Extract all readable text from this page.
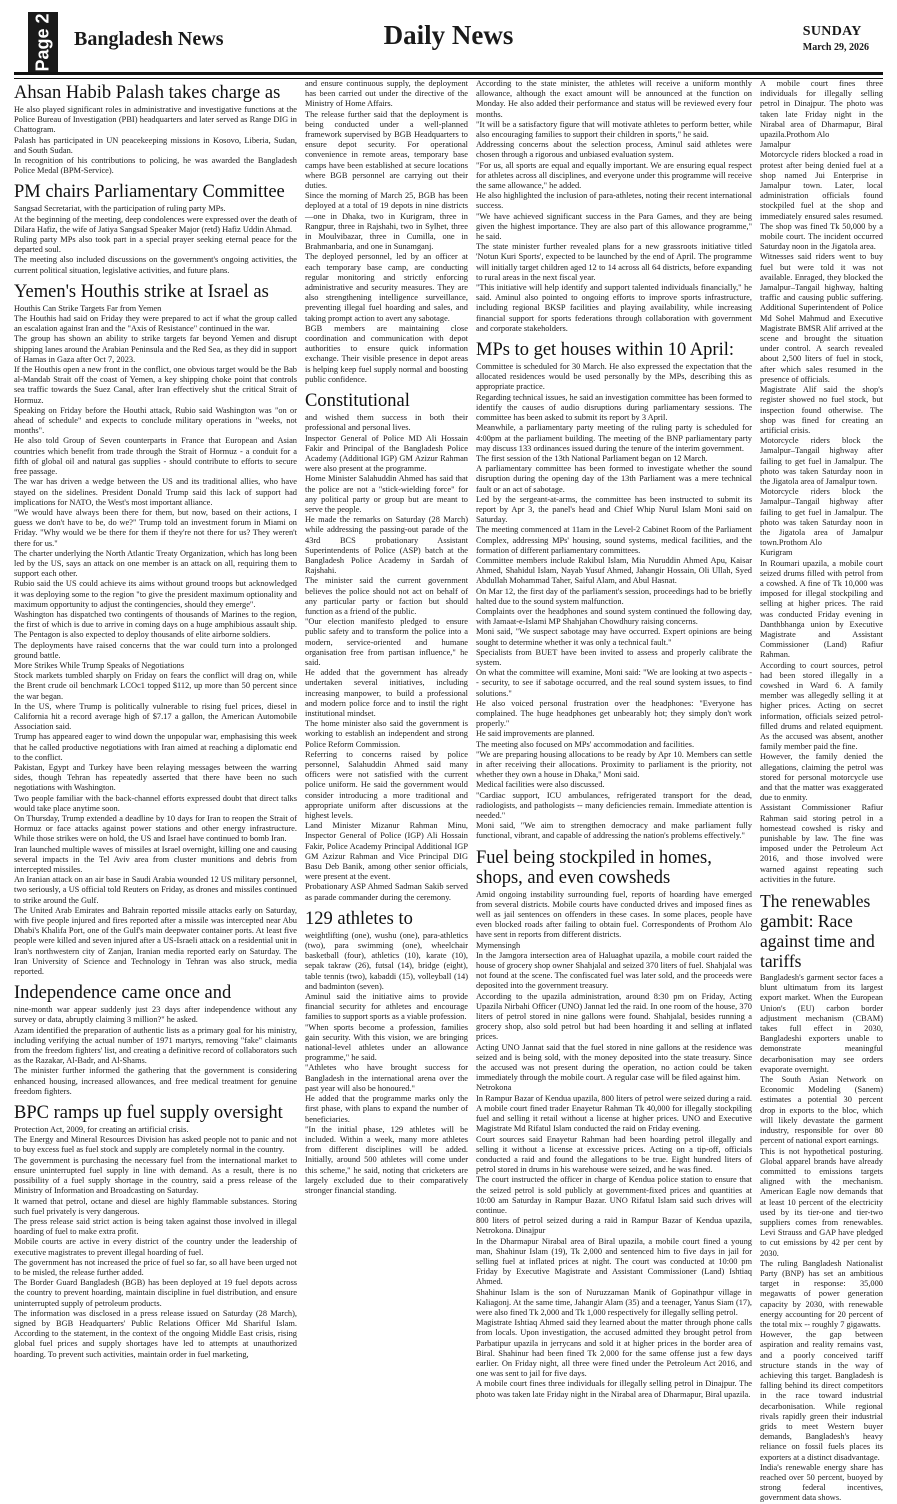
Page 2 Bangladesh News	Daily News	SUNDAY
March 29, 2026
Ahsan Habib Palash takes charge as

He also played significant roles in administrative and investigative functions at the Police Bureau of Investigation (PBI) headquarters and later served as Range DIG in Chattogram.

Palash has participated in UN peacekeeping missions in Kosovo, Liberia, Sudan, and South Sudan.

In recognition of his contributions to policing, he was awarded the Bangladesh Police Medal (BPM-Service).

PM chairs Parliamentary Committee

Sangsad Secretariat, with the participation of ruling party MPs.

At the beginning of the meeting, deep condolences were expressed over the death of Dilara Hafiz, the wife of Jatiya Sangsad Speaker Major (retd) Hafiz Uddin Ahmad.

Ruling party MPs also took part in a special prayer seeking eternal peace for the departed soul.

The meeting also included discussions on the government's ongoing activities, the current political situation, legislative activities, and future plans.

Yemen's Houthis strike at Israel as

Houthis Can Strike Targets Far from Yemen

The Houthis had said on Friday they were prepared to act if what the group called an escalation against Iran and the "Axis of Resistance" continued in the war.

The group has shown an ability to strike targets far beyond Yemen and disrupt shipping lanes around the Arabian Peninsula and the Red Sea, as they did in support of Hamas in Gaza after Oct 7, 2023.

If the Houthis open a new front in the conflict, one obvious target would be the Bab al-Mandab Strait off the coast of Yemen, a key shipping choke point that controls sea traffic towards the Suez Canal, after Iran effectively shut the critical Strait of Hormuz.

Speaking on Friday before the Houthi attack, Rubio said Washington was "on or ahead of schedule" and expects to conclude military operations in "weeks, not months".

He also told Group of Seven counterparts in France that European and Asian countries which benefit from trade through the Strait of Hormuz - a conduit for a fifth of global oil and natural gas supplies - should contribute to efforts to secure free passage.

The war has driven a wedge between the US and its traditional allies, who have stayed on the sidelines. President Donald Trump said this lack of support had implications for NATO, the West's most important alliance.

"We would have always been there for them, but now, based on their actions, I guess we don't have to be, do we?" Trump told an investment forum in Miami on Friday. "Why would we be there for them if they're not there for us? They weren't there for us."

The charter underlying the North Atlantic Treaty Organization, which has long been led by the US, says an attack on one member is an attack on all, requiring them to support each other.

Rubio said the US could achieve its aims without ground troops but acknowledged it was deploying some to the region "to give the president maximum optionality and maximum opportunity to adjust the contingencies, should they emerge".

Washington has dispatched two contingents of thousands of Marines to the region, the first of which is due to arrive in coming days on a huge amphibious assault ship. The Pentagon is also expected to deploy thousands of elite airborne soldiers.

The deployments have raised concerns that the war could turn into a prolonged ground battle.

More Strikes While Trump Speaks of Negotiations

Stock markets tumbled sharply on Friday on fears the conflict will drag on, while the Brent crude oil benchmark LCOc1 topped $112, up more than 50 percent since the war began.

In the US, where Trump is politically vulnerable to rising fuel prices, diesel in California hit a record average high of $7.17 a gallon, the American Automobile Association said.

Trump has appeared eager to wind down the unpopular war, emphasising this week that he called productive negotiations with Iran aimed at reaching a diplomatic end to the conflict.

Pakistan, Egypt and Turkey have been relaying messages between the warring sides, though Tehran has repeatedly asserted that there have been no such negotiations with Washington.

Two people familiar with the back-channel efforts expressed doubt that direct talks would take place anytime soon.

On Thursday, Trump extended a deadline by 10 days for Iran to reopen the Strait of Hormuz or face attacks against power stations and other energy infrastructure. While those strikes were on hold, the US and Israel have continued to bomb Iran.

Iran launched multiple waves of missiles at Israel overnight, killing one and causing several impacts in the Tel Aviv area from cluster munitions and debris from intercepted missiles.

An Iranian attack on an air base in Saudi Arabia wounded 12 US military personnel, two seriously, a US official told Reuters on Friday, as drones and missiles continued to strike around the Gulf.

The United Arab Emirates and Bahrain reported missile attacks early on Saturday, with five people injured and fires reported after a missile was intercepted near Abu Dhabi's Khalifa Port, one of the Gulf's main deepwater container ports. At least five people were killed and seven injured after a US-Israeli attack on a residential unit in Iran's northwestern city of Zanjan, Iranian media reported early on Saturday. The Iran University of Science and Technology in Tehran was also struck, media reported.

Independence came once and

nine-month war appear suddenly just 23 days after independence without any survey or data, abruptly claiming 3 million?" he asked.

Azam identified the preparation of authentic lists as a primary goal for his ministry, including verifying the actual number of 1971 martyrs, removing "fake" claimants from the freedom fighters' list, and creating a definitive record of collaborators such as the Razakar, Al-Badr, and Al-Shams.

The minister further informed the gathering that the government is considering enhanced housing, increased allowances, and free medical treatment for genuine freedom fighters.

BPC ramps up fuel supply oversight

Protection Act, 2009, for creating an artificial crisis.

The Energy and Mineral Resources Division has asked people not to panic and not to buy excess fuel as fuel stock and supply are completely normal in the country.

The government is purchasing the necessary fuel from the international market to ensure uninterrupted fuel supply in line with demand. As a result, there is no possibility of a fuel supply shortage in the country, said a press release of the Ministry of Information and Broadcasting on Saturday.

It warned that petrol, octane and diesel are highly flammable substances. Storing such fuel privately is very dangerous.

The press release said strict action is being taken against those involved in illegal hoarding of fuel to make extra profit.

Mobile courts are active in every district of the country under the leadership of executive magistrates to prevent illegal hoarding of fuel.

The government has not increased the price of fuel so far, so all have been urged not to be misled, the release further added.

The Border Guard Bangladesh (BGB) has been deployed at 19 fuel depots across the country to prevent hoarding, maintain discipline in fuel distribution, and ensure uninterrupted supply of petroleum products.

The information was disclosed in a press release issued on Saturday (28 March), signed by BGB Headquarters' Public Relations Officer Md Shariful Islam. According to the statement, in the context of the ongoing Middle East crisis, rising global fuel prices and supply shortages have led to attempts at unauthorized hoarding. To prevent such activities, maintain order in fuel marketing,

and ensure continuous supply, the deployment has been carried out under the directive of the Ministry of Home Affairs.

The release further said that the deployment is being conducted under a well-planned framework supervised by BGB Headquarters to ensure depot security. For operational convenience in remote areas, temporary base camps have been established at secure locations where BGB personnel are carrying out their duties.

Since the morning of March 25, BGB has been deployed at a total of 19 depots in nine districts—one in Dhaka, two in Kurigram, three in Rangpur, three in Rajshahi, two in Sylhet, three in Moulvibazar, three in Cumilla, one in Brahmanbaria, and one in Sunamganj.

The deployed personnel, led by an officer at each temporary base camp, are conducting regular monitoring and strictly enforcing administrative and security measures. They are also strengthening intelligence surveillance, preventing illegal fuel hoarding and sales, and taking prompt action to avert any sabotage.

BGB members are maintaining close coordination and communication with depot authorities to ensure quick information exchange. Their visible presence in depot areas is helping keep fuel supply normal and boosting public confidence.

Constitutional

and wished them success in both their professional and personal lives.

Inspector General of Police MD Ali Hossain Fakir and Principal of the Bangladesh Police Academy (Additional IGP) GM Azizur Rahman were also present at the programme.

Home Minister Salahuddin Ahmed has said that the police are not a "stick-wielding force" for any political party or group but are meant to serve the people.

He made the remarks on Saturday (28 March) while addressing the passing-out parade of the 43rd BCS probationary Assistant Superintendents of Police (ASP) batch at the Bangladesh Police Academy in Sardah of Rajshahi.

The minister said the current government believes the police should not act on behalf of any particular party or faction but should function as a friend of the public.

"Our election manifesto pledged to ensure public safety and to transform the police into a modern, service-oriented and humane organisation free from partisan influence," he said.

He added that the government has already undertaken several initiatives, including increasing manpower, to build a professional and modern police force and to instil the right institutional mindset.

The home minister also said the government is working to establish an independent and strong Police Reform Commission.

Referring to concerns raised by police personnel, Salahuddin Ahmed said many officers were not satisfied with the current police uniform. He said the government would consider introducing a more traditional and appropriate uniform after discussions at the highest levels.

Land Minister Mizanur Rahman Minu, Inspector General of Police (IGP) Ali Hossain Fakir, Police Academy Principal Additional IGP GM Azizur Rahman and Vice Principal DIG Basu Deb Banik, among other senior officials, were present at the event.

Probationary ASP Ahmed Sadman Sakib served as parade commander during the ceremony.

129 athletes to

weightlifting (one), wushu (one), para-athletics (two), para swimming (one), wheelchair basketball (four), athletics (10), karate (10), sepak takraw (26), futsal (14), bridge (eight), table tennis (two), kabaddi (15), volleyball (14) and badminton (seven).

Aminul said the initiative aims to provide financial security for athletes and encourage families to support sports as a viable profession.

"When sports become a profession, families gain security. With this vision, we are bringing national-level athletes under an allowance programme," he said.

"Athletes who have brought success for Bangladesh in the international arena over the past year will also be honoured."

He added that the programme marks only the first phase, with plans to expand the number of beneficiaries.

"In the initial phase, 129 athletes will be included. Within a week, many more athletes from different disciplines will be added. Initially, around 500 athletes will come under this scheme," he said, noting that cricketers are largely excluded due to their comparatively stronger financial standing.

According to the state minister, the athletes will receive a uniform monthly allowance, although the exact amount will be announced at the function on Monday. He also added their performance and status will be reviewed every four months.

"It will be a satisfactory figure that will motivate athletes to perform better, while also encouraging families to support their children in sports," he said.

Addressing concerns about the selection process, Aminul said athletes were chosen through a rigorous and unbiased evaluation system.

"For us, all sports are equal and equally important. We are ensuring equal respect for athletes across all disciplines, and everyone under this programme will receive the same allowance," he added.

He also highlighted the inclusion of para-athletes, noting their recent international success.

"We have achieved significant success in the Para Games, and they are being given the highest importance. They are also part of this allowance programme," he said.

The state minister further revealed plans for a new grassroots initiative titled 'Notun Kuri Sports', expected to be launched by the end of April. The programme will initially target children aged 12 to 14 across all 64 districts, before expanding to rural areas in the next fiscal year.

"This initiative will help identify and support talented individuals financially," he said. Aminul also pointed to ongoing efforts to improve sports infrastructure, including regional BKSP facilities and playing availability, while increasing financial support for sports federations through collaboration with government and corporate stakeholders.

MPs to get houses within 10 April:

Committee is scheduled for 30 March. He also expressed the expectation that the allocated residences would be used personally by the MPs, describing this as appropriate practice.

Regarding technical issues, he said an investigation committee has been formed to identify the causes of audio disruptions during parliamentary sessions. The committee has been asked to submit its report by 3 April.

Meanwhile, a parliamentary party meeting of the ruling party is scheduled for 4:00pm at the parliament building. The meeting of the BNP parliamentary party may discuss 133 ordinances issued during the tenure of the interim government.

The first session of the 13th National Parliament began on 12 March.

A parliamentary committee has been formed to investigate whether the sound disruption during the opening day of the 13th Parliament was a mere technical fault or an act of sabotage.

Led by the sergeant-at-arms, the committee has been instructed to submit its report by Apr 3, the panel's head and Chief Whip Nurul Islam Moni said on Saturday.

The meeting commenced at 11am in the Level-2 Cabinet Room of the Parliament Complex, addressing MPs' housing, sound systems, medical facilities, and the formation of different parliamentary committees.

Committee members include Rakibul Islam, Mia Nuruddin Ahmed Apu, Kaisar Ahmed, Shahidul Islam, Nayab Yusuf Ahmed, Jahangir Hossain, Oli Ullah, Syed Abdullah Mohammad Taher, Saiful Alam, and Abul Hasnat.

On Mar 12, the first day of the parliament's session, proceedings had to be briefly halted due to the sound system malfunction.

Complaints over the headphones and sound system continued the following day, with Jamaat-e-Islami MP Shahjahan Chowdhury raising concerns.

Moni said, "We suspect sabotage may have occurred. Expert opinions are being sought to determine whether it was only a technical fault."

Specialists from BUET have been invited to assess and properly calibrate the system.

On what the committee will examine, Moni said: "We are looking at two aspects -- security, to see if sabotage occurred, and the real sound system issues, to find solutions."

He also voiced personal frustration over the headphones: "Everyone has complained. The huge headphones get unbearably hot; they simply don't work properly."

He said improvements are planned.

The meeting also focused on MPs' accommodation and facilities.

"We are preparing housing allocations to be ready by Apr 10. Members can settle in after receiving their allocations. Proximity to parliament is the priority, not whether they own a house in Dhaka," Moni said.

Medical facilities were also discussed.

"Cardiac support, ICU ambulances, refrigerated transport for the dead, radiologists, and pathologists -- many deficiencies remain. Immediate attention is needed."

Moni said, "We aim to strengthen democracy and make parliament fully functional, vibrant, and capable of addressing the nation's problems effectively."

Fuel being stockpiled in homes, shops, and even cowsheds

Amid ongoing instability surrounding fuel, reports of hoarding have emerged from several districts. Mobile courts have conducted drives and imposed fines as well as jail sentences on offenders in these cases. In some places, people have even blocked roads after failing to obtain fuel. Correspondents of Prothom Alo have sent in reports from different districts.

Mymensingh

In the Jamgora intersection area of Haluaghat upazila, a mobile court raided the house of grocery shop owner Shahjalal and seized 370 liters of fuel. Shahjalal was not found at the scene. The confiscated fuel was later sold, and the proceeds were deposited into the government treasury.

According to the upazila administration, around 8:30 pm on Friday, Acting Upazila Nirbahi Officer (UNO) Jannat led the raid. In one room of the house, 370 liters of petrol stored in nine gallons were found. Shahjalal, besides running a grocery shop, also sold petrol but had been hoarding it and selling at inflated prices.

Acting UNO Jannat said that the fuel stored in nine gallons at the residence was seized and is being sold, with the money deposited into the state treasury. Since the accused was not present during the operation, no action could be taken immediately through the mobile court. A regular case will be filed against him.

Netrokona

In Rampur Bazar of Kendua upazila, 800 liters of petrol were seized during a raid. A mobile court fined trader Enayetur Rahman Tk 40,000 for illegally stockpiling fuel and selling it retail without a license at higher prices. UNO and Executive Magistrate Md Rifatul Islam conducted the raid on Friday evening.

Court sources said Enayetur Rahman had been hoarding petrol illegally and selling it without a license at excessive prices. Acting on a tip-off, officials conducted a raid and found the allegations to be true. Eight hundred liters of petrol stored in drums in his warehouse were seized, and he was fined.

The court instructed the officer in charge of Kendua police station to ensure that the seized petrol is sold publicly at government-fixed prices and quantities at 10:00 am Saturday in Rampur Bazar. UNO Rifatul Islam said such drives will continue.

800 liters of petrol seized during a raid in Rampur Bazar of Kendua upazila, Netrokona. Dinajpur

In the Dharmapur Nirabal area of Biral upazila, a mobile court fined a young man, Shahinur Islam (19), Tk 2,000 and sentenced him to five days in jail for selling fuel at inflated prices at night. The court was conducted at 10:00 pm Friday by Executive Magistrate and Assistant Commissioner (Land) Ishtiaq Ahmed.

Shahinur Islam is the son of Nuruzzaman Manik of Gopinathpur village in Kaliagonj. At the same time, Jahangir Alam (35) and a teenager, Yanus Siam (17), were also fined Tk 2,000 and Tk 1,000 respectively for illegally selling petrol.

Magistrate Ishtiaq Ahmed said they learned about the matter through phone calls from locals. Upon investigation, the accused admitted they brought petrol from Parbatipur upazila in jerrycans and sold it at higher prices in the border area of Biral. Shahinur had been fined Tk 2,000 for the same offense just a few days earlier. On Friday night, all three were fined under the Petroleum Act 2016, and one was sent to jail for five days.

A mobile court fines three individuals for illegally selling petrol in Dinajpur. The photo was taken late Friday night in the Nirabal area of Dharmapur, Biral upazila.

A mobile court fines three individuals for illegally selling petrol in Dinajpur. The photo was taken late Friday night in the Nirabal area of Dharmapur, Biral upazila.Prothom Alo

Jamalpur

Motorcycle riders blocked a road in protest after being denied fuel at a shop named Jui Enterprise in Jamalpur town. Later, local administration officials found stockpiled fuel at the shop and immediately ensured sales resumed. The shop was fined Tk 50,000 by a mobile court. The incident occurred Saturday noon in the Jigatola area.

Witnesses said riders went to buy fuel but were told it was not available. Enraged, they blocked the Jamalpur–Tangail highway, halting traffic and causing public suffering. Additional Superintendent of Police Md Sohel Mahmud and Executive Magistrate BMSR Alif arrived at the scene and brought the situation under control. A search revealed about 2,500 liters of fuel in stock, after which sales resumed in the presence of officials.

Magistrate Alif said the shop's register showed no fuel stock, but inspection found otherwise. The shop was fined for creating an artificial crisis.

Motorcycle riders block the Jamalpur–Tangail highway after failing to get fuel in Jamalpur. The photo was taken Saturday noon in the Jigatola area of Jamalpur town.

Motorcycle riders block the Jamalpur–Tangail highway after failing to get fuel in Jamalpur. The photo was taken Saturday noon in the Jigatola area of Jamalpur town.Prothom Alo

Kurigram

In Roumari upazila, a mobile court seized drums filled with petrol from a cowshed. A fine of Tk 10,000 was imposed for illegal stockpiling and selling at higher prices. The raid was conducted Friday evening in Danthbhanga union by Executive Magistrate and Assistant Commissioner (Land) Rafiur Rahman.

According to court sources, petrol had been stored illegally in a cowshed in Ward 6. A family member was allegedly selling it at higher prices. Acting on secret information, officials seized petrol-filled drums and related equipment. As the accused was absent, another family member paid the fine.

However, the family denied the allegations, claiming the petrol was stored for personal motorcycle use and that the matter was exaggerated due to enmity.

Assistant Commissioner Rafiur Rahman said storing petrol in a homestead cowshed is risky and punishable by law. The fine was imposed under the Petroleum Act 2016, and those involved were warned against repeating such activities in the future.

The renewables gambit: Race against time and tariffs

Bangladesh's garment sector faces a blunt ultimatum from its largest export market. When the European Union's (EU) carbon border adjustment mechanism (CBAM) takes full effect in 2030, Bangladeshi exporters unable to demonstrate meaningful decarbonisation may see orders evaporate overnight.

The South Asian Network on Economic Modeling (Sanem) estimates a potential 30 percent drop in exports to the bloc, which will likely devastate the garment industry, responsible for over 80 percent of national export earnings.

This is not hypothetical posturing. Global apparel brands have already committed to emissions targets aligned with the mechanism. American Eagle now demands that at least 10 percent of the electricity used by its tier-one and tier-two suppliers comes from renewables. Levi Strauss and GAP have pledged to cut emissions by 42 per cent by 2030.

The ruling Bangladesh Nationalist Party (BNP) has set an ambitious target in response: 35,000 megawatts of power generation capacity by 2030, with renewable energy accounting for 20 percent of the total mix -- roughly 7 gigawatts.

However, the gap between aspiration and reality remains vast, and a poorly conceived tariff structure stands in the way of achieving this target. Bangladesh is falling behind its direct competitors in the race toward industrial decarbonisation. While regional rivals rapidly green their industrial grids to meet Western buyer demands, Bangladesh's heavy reliance on fossil fuels places its exporters at a distinct disadvantage.

India's renewable energy share has reached over 50 percent, buoyed by strong federal incentives, government data shows.
